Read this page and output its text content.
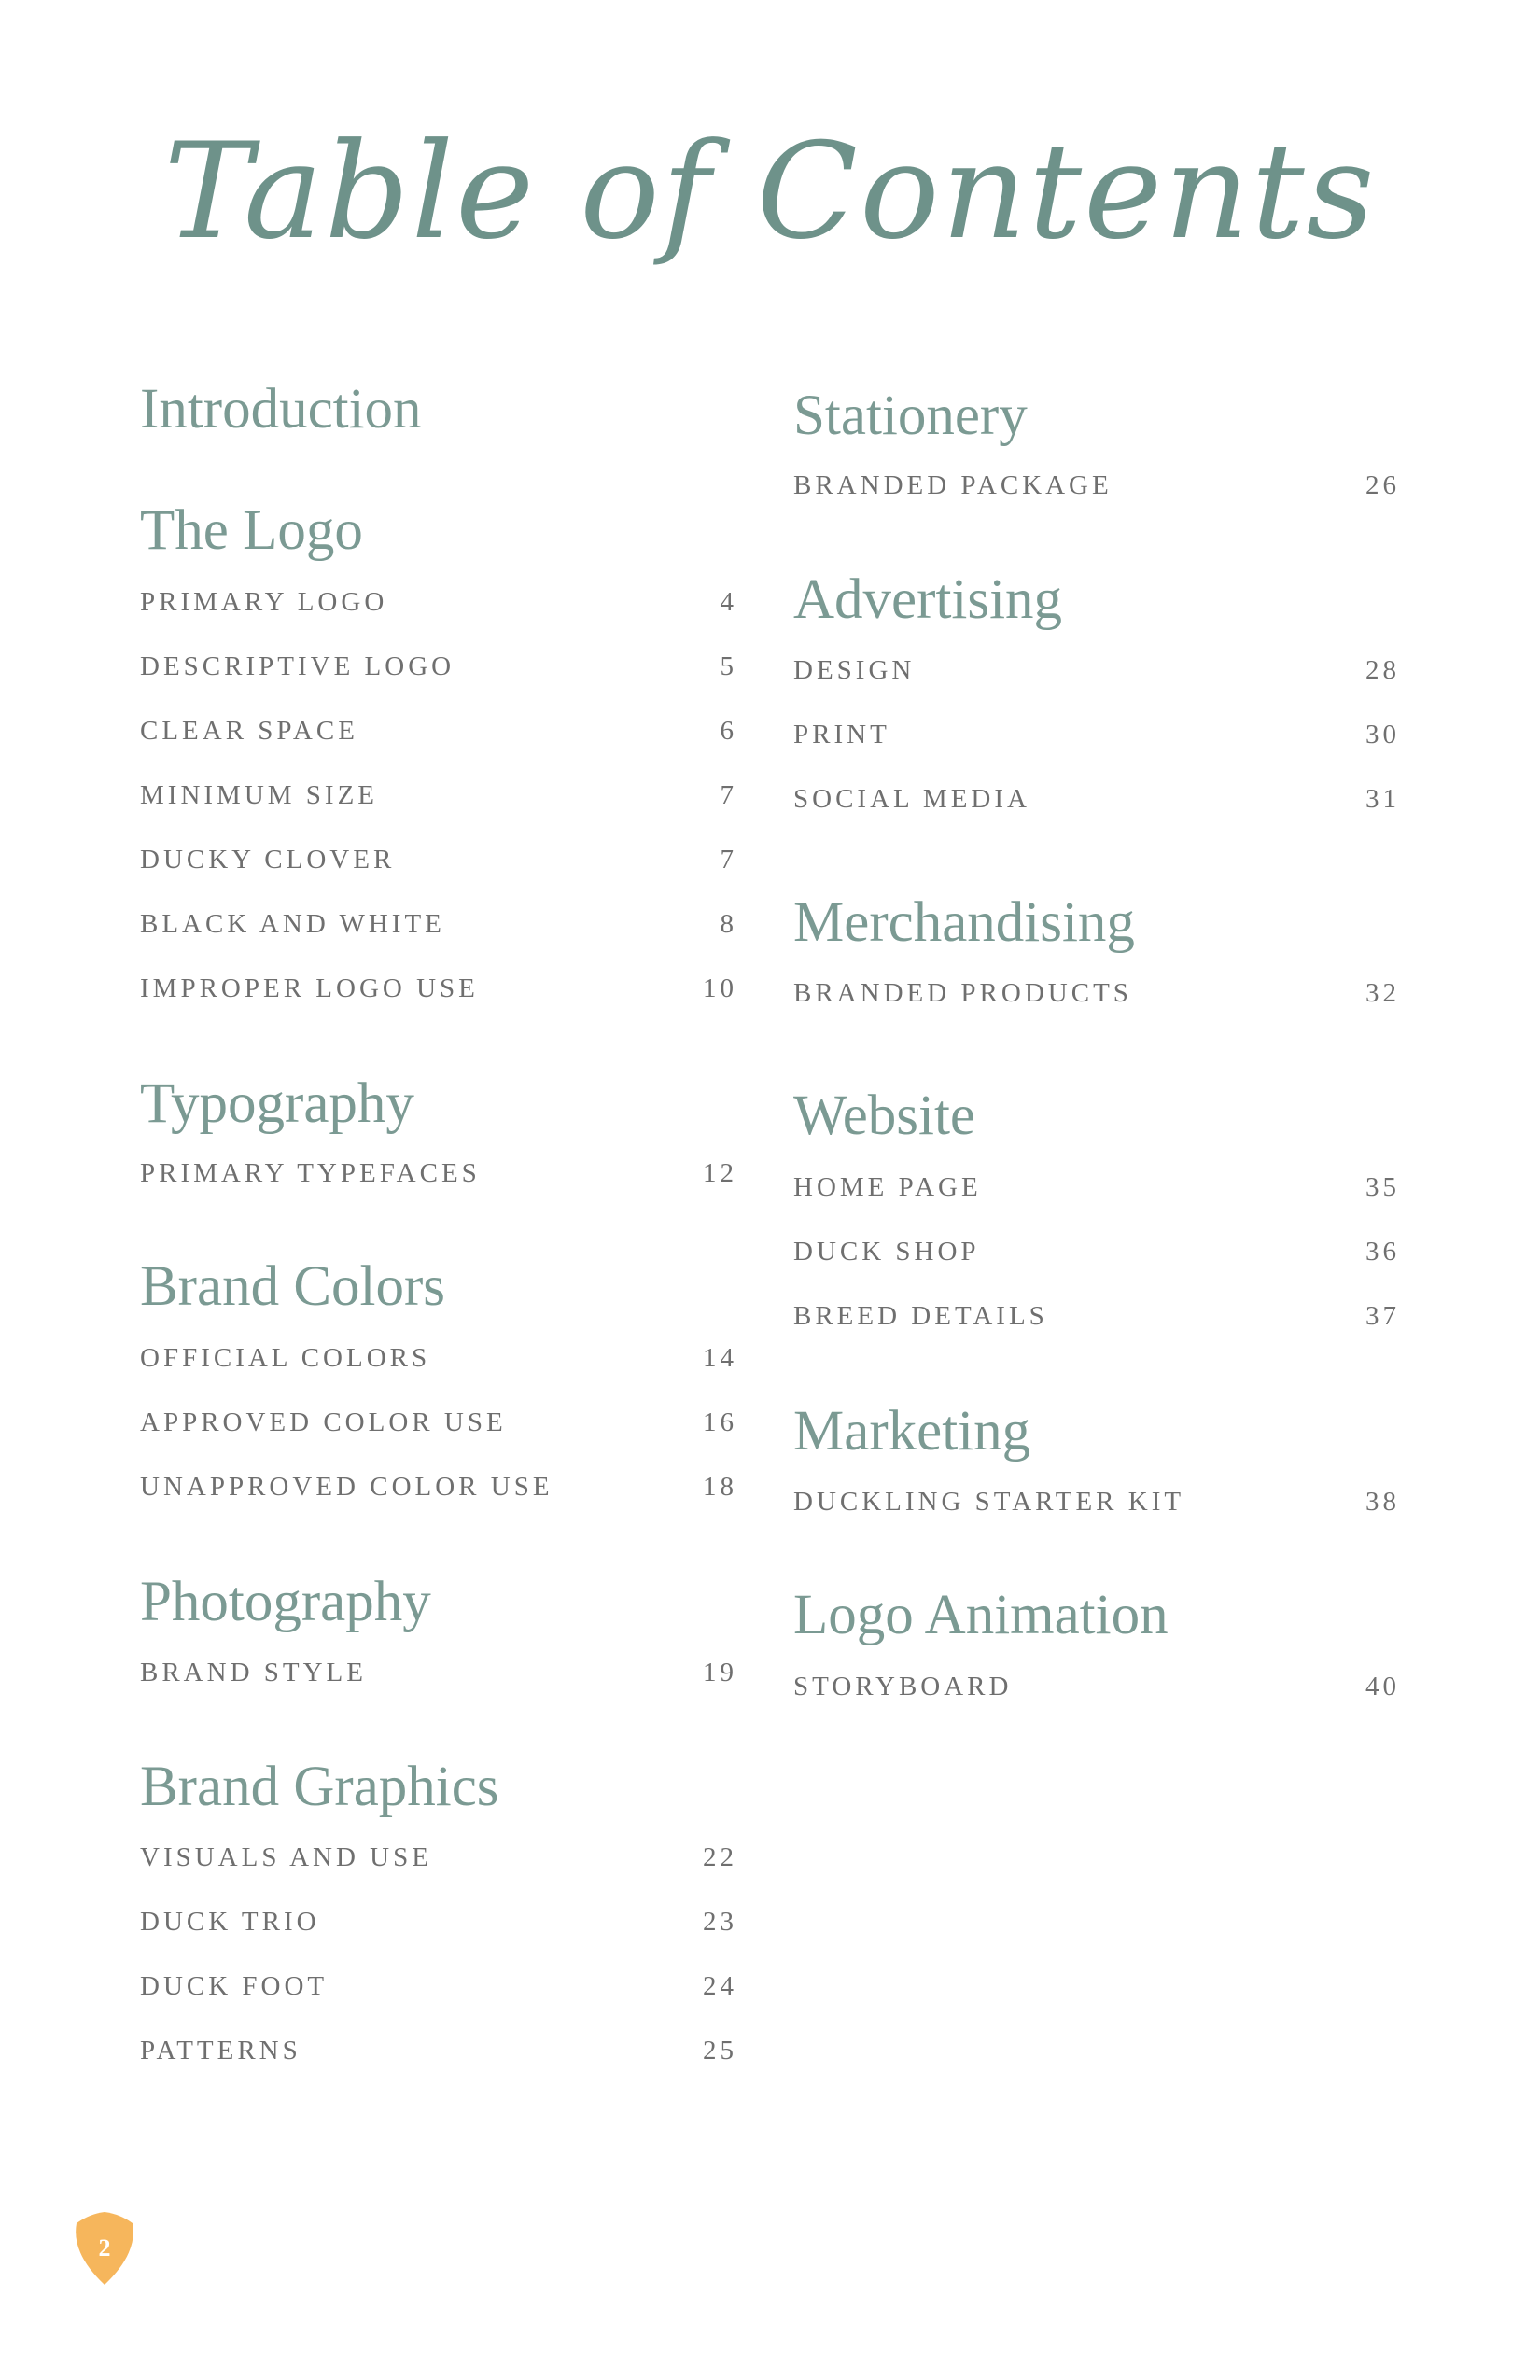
Table of Contents
Introduction
The Logo
PRIMARY LOGO	4
DESCRIPTIVE LOGO	5
CLEAR SPACE	6
MINIMUM SIZE	7
DUCKY CLOVER	7
BLACK AND WHITE	8
IMPROPER LOGO USE	10
Typography
PRIMARY TYPEFACES	12
Brand Colors
OFFICIAL COLORS	14
APPROVED COLOR USE	16
UNAPPROVED COLOR USE	18
Photography
BRAND STYLE	19
Brand Graphics
VISUALS AND USE	22
DUCK TRIO	23
DUCK FOOT	24
PATTERNS	25
Stationery
BRANDED PACKAGE	26
Advertising
DESIGN	28
PRINT	30
SOCIAL MEDIA	31
Merchandising
BRANDED PRODUCTS	32
Website
HOME PAGE	35
DUCK SHOP	36
BREED DETAILS	37
Marketing
DUCKLING STARTER KIT	38
Logo Animation
STORYBOARD	40
2
